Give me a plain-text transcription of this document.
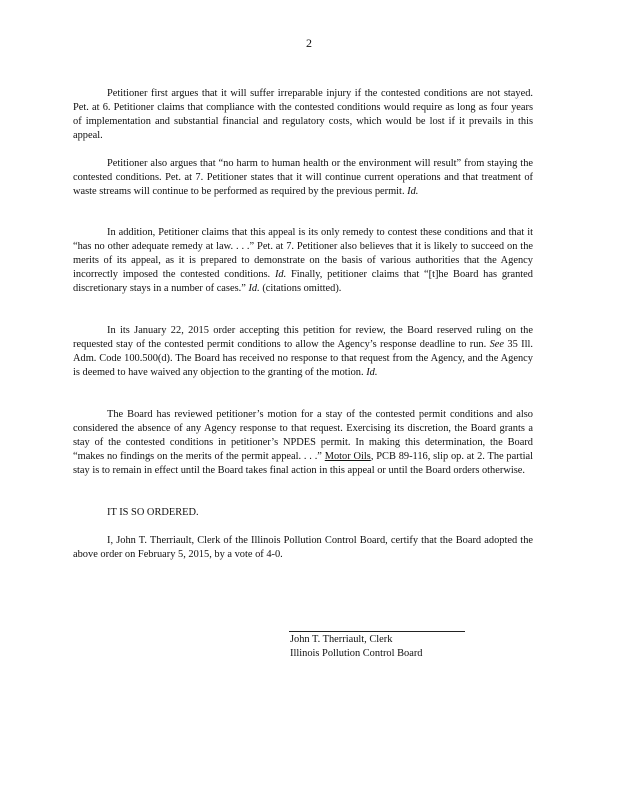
2

Petitioner first argues that it will suffer irreparable injury if the contested conditions are not stayed. Pet. at 6. Petitioner claims that compliance with the contested conditions would require as long as four years of implementation and substantial financial and regulatory costs, which would be lost if it prevails in this appeal.

Petitioner also argues that “no harm to human health or the environment will result” from staying the contested conditions. Pet. at 7. Petitioner states that it will continue current operations and that treatment of waste streams will continue to be performed as required by the previous permit. Id.

In addition, Petitioner claims that this appeal is its only remedy to contest these conditions and that it “has no other adequate remedy at law. . . .” Pet. at 7. Petitioner also believes that it is likely to succeed on the merits of its appeal, as it is prepared to demonstrate on the basis of various authorities that the Agency incorrectly imposed the contested conditions. Id. Finally, petitioner claims that “[t]he Board has granted discretionary stays in a number of cases.” Id. (citations omitted).

In its January 22, 2015 order accepting this petition for review, the Board reserved ruling on the requested stay of the contested permit conditions to allow the Agency’s response deadline to run. See 35 Ill. Adm. Code 100.500(d). The Board has received no response to that request from the Agency, and the Agency is deemed to have waived any objection to the granting of the motion. Id.

The Board has reviewed petitioner’s motion for a stay of the contested permit conditions and also considered the absence of any Agency response to that request. Exercising its discretion, the Board grants a stay of the contested conditions in petitioner’s NPDES permit. In making this determination, the Board “makes no findings on the merits of the permit appeal. . . .” Motor Oils, PCB 89-116, slip op. at 2. The partial stay is to remain in effect until the Board takes final action in this appeal or until the Board orders otherwise.

IT IS SO ORDERED.

I, John T. Therriault, Clerk of the Illinois Pollution Control Board, certify that the Board adopted the above order on February 5, 2015, by a vote of 4-0.

John T. Therriault, Clerk
Illinois Pollution Control Board
